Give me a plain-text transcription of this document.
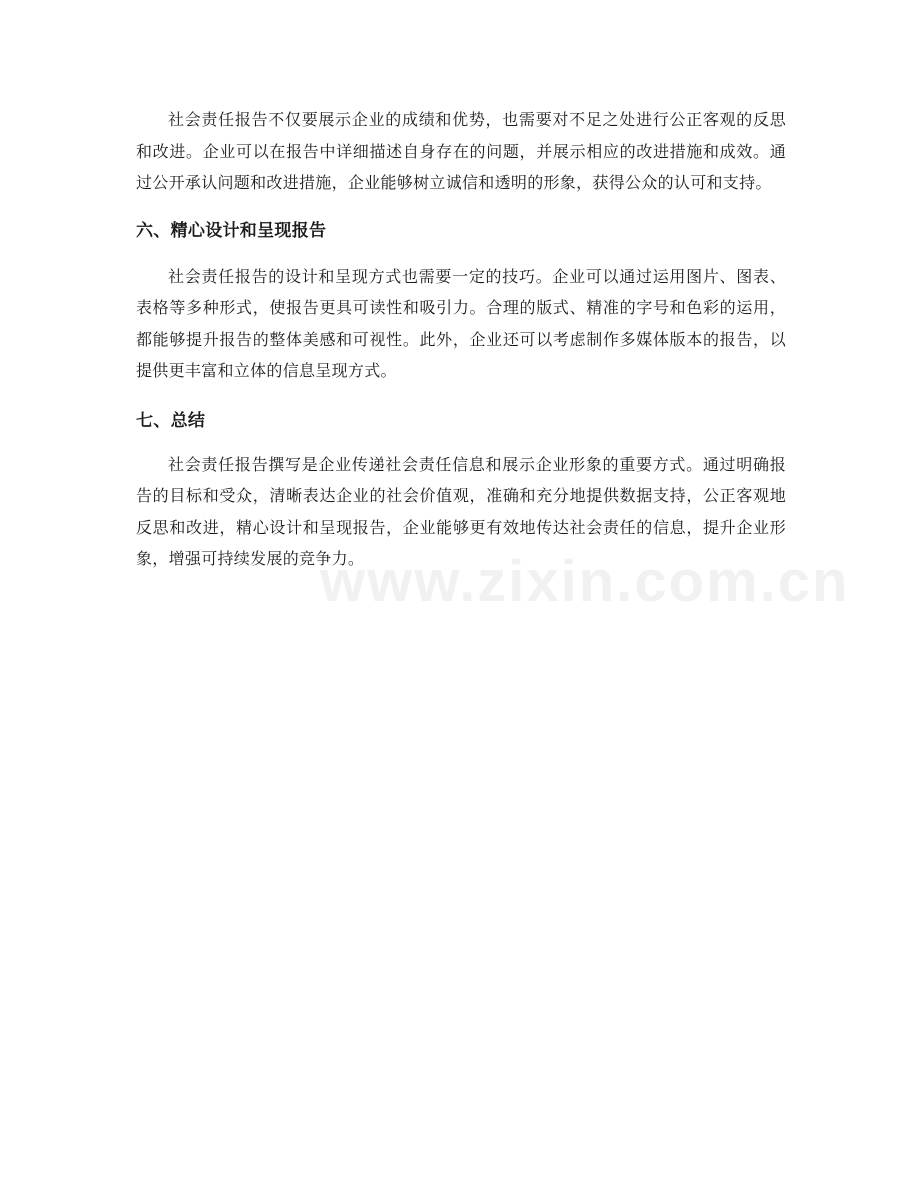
社会责任报告不仅要展示企业的成绩和优势，也需要对不足之处进行公正客观的反思和改进。企业可以在报告中详细描述自身存在的问题，并展示相应的改进措施和成效。通过公开承认问题和改进措施，企业能够树立诚信和透明的形象，获得公众的认可和支持。

六、精心设计和呈现报告

社会责任报告的设计和呈现方式也需要一定的技巧。企业可以通过运用图片、图表、表格等多种形式，使报告更具可读性和吸引力。合理的版式、精准的字号和色彩的运用，都能够提升报告的整体美感和可视性。此外，企业还可以考虑制作多媒体版本的报告，以提供更丰富和立体的信息呈现方式。

七、总结

社会责任报告撰写是企业传递社会责任信息和展示企业形象的重要方式。通过明确报告的目标和受众，清晰表达企业的社会价值观，准确和充分地提供数据支持，公正客观地反思和改进，精心设计和呈现报告，企业能够更有效地传达社会责任的信息，提升企业形象，增强可持续发展的竞争力。

www.zixin.com.cn
